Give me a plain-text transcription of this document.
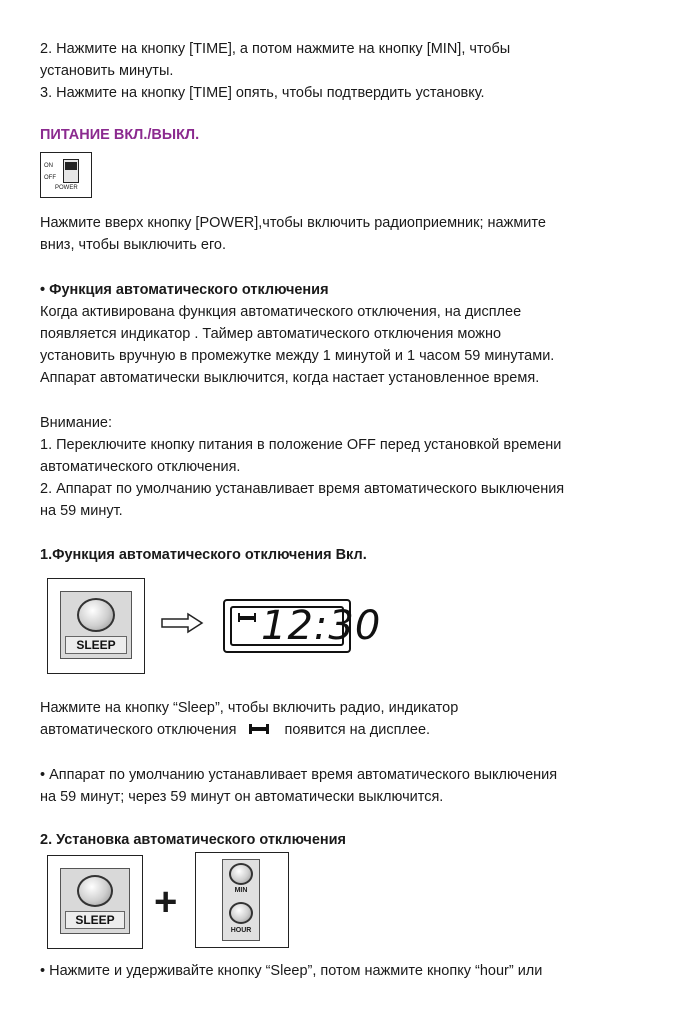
2. Нажмите на кнопку [TIME], а потом нажмите на кнопку [MIN], чтобы
установить минуты.
3. Нажмите на кнопку [TIME] опять, чтобы подтвердить установку.
ПИТАНИЕ ВКЛ./ВЫКЛ.
ON
OFF
POWER
Нажмите вверх кнопку [POWER],чтобы включить радиоприемник; нажмите
вниз, чтобы выключить его.
• Функция автоматического отключения
Когда активирована функция автоматического отключения, на дисплее
появляется индикатор . Таймер автоматического отключения можно
установить вручную в промежутке между 1 минутой и 1 часом 59 минутами.
Аппарат автоматически выключится, когда настает установленное время.
Внимание:
1. Переключите кнопку питания в положение OFF перед установкой времени
автоматического отключения.
2. Аппарат по умолчанию устанавливает время автоматического выключения
на 59 минут.
1.Функция автоматического отключения Вкл.
SLEEP	12:30
Нажмите на кнопку “Sleep”, чтобы включить радио, индикатор
автоматического отключения	появится на дисплее.
• Аппарат по умолчанию устанавливает время автоматического выключения
на 59 минут; через 59 минут он автоматически выключится.
2. Установка автоматического отключения
SLEEP +	MIN
HOUR
• Нажмите и удерживайте кнопку “Sleep”, потом нажмите кнопку “hour” или
